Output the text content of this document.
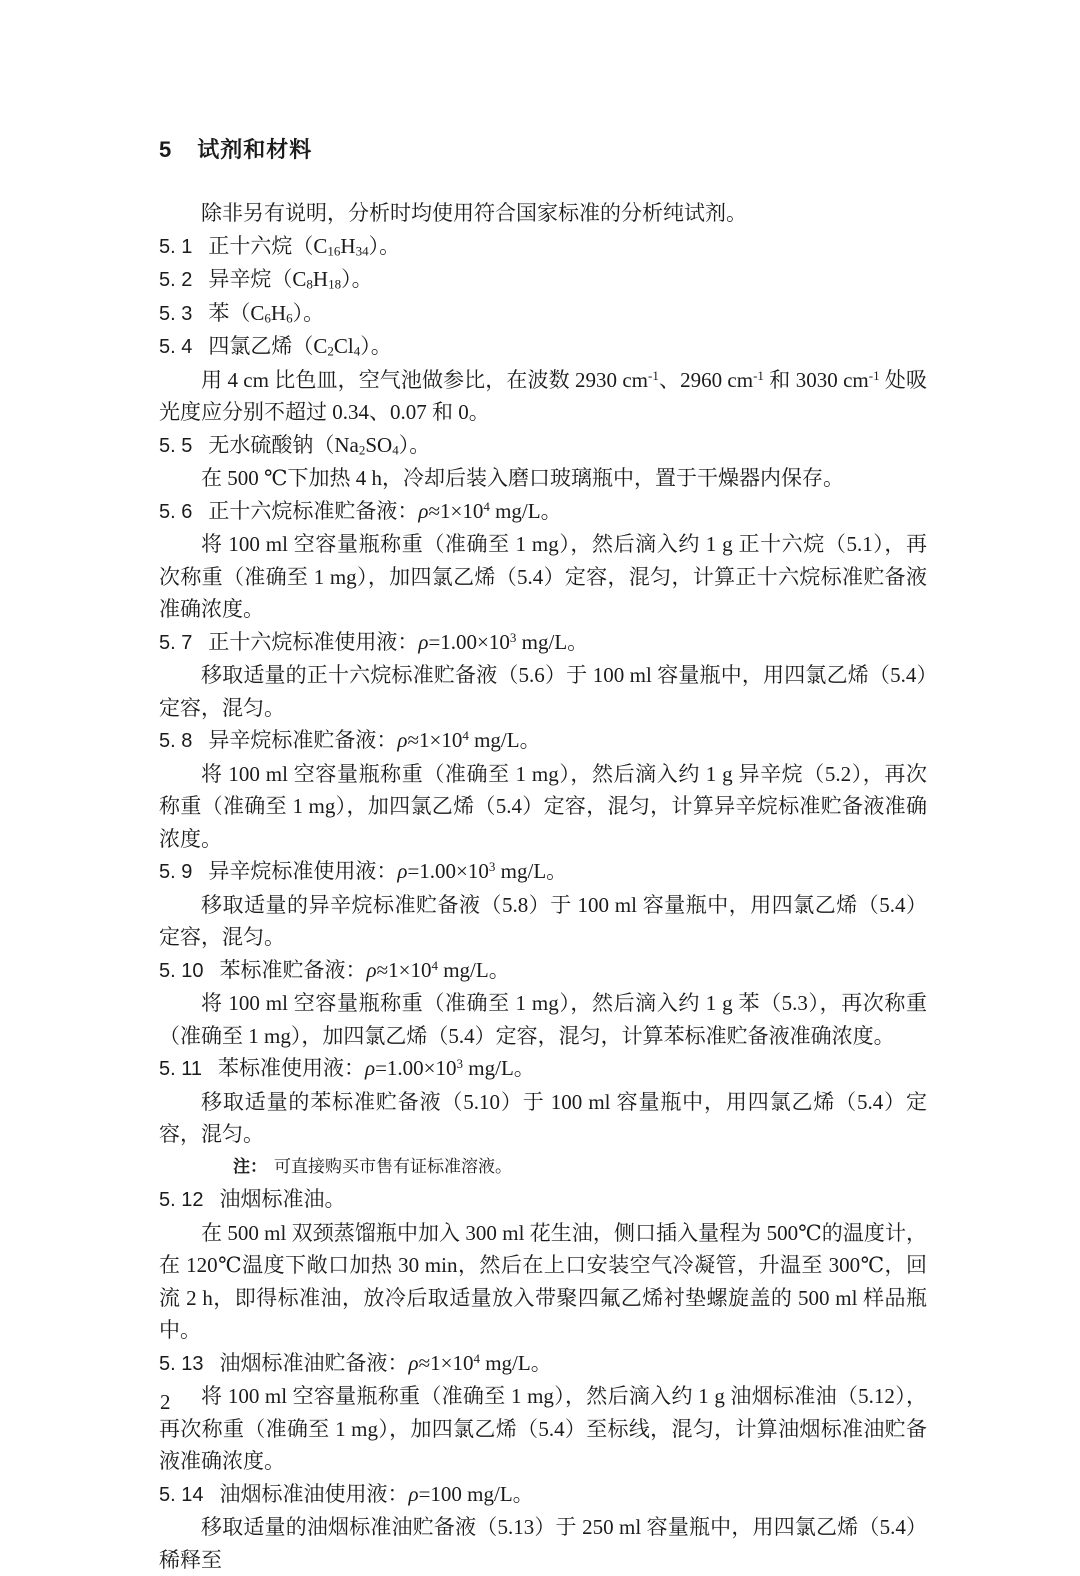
5 试剂和材料

除非另有说明，分析时均使用符合国家标准的分析纯试剂。

5. 1 正十六烷$(C_{16}H_{34})$。

5. 2 异辛烷$(C_8H_{18})$。

5. 3 苯$(C_6H_6)$。

5. 4 四氯乙烯$(C_2Cl_4)$。

用 4 cm 比色皿，空气池做参比，在波数 2930 $cm^{-1}$、2960 $cm^{-1}$ 和 3030 $cm^{-1}$ 处吸光度应分别不超过 0.34、0.07 和 0。

5. 5 无水硫酸钠$(Na_2SO_4)$。

在 500 ℃下加热 4 h，冷却后装入磨口玻璃瓶中，置于干燥器内保存。

5. 6 正十六烷标准贮备液：$\rho\approx 1\times 10^4$ mg/L。

将 100 ml 空容量瓶称重（准确至 1 mg），然后滴入约 1 g 正十六烷（5.1），再次称重（准确至 1 mg），加四氯乙烯（5.4）定容，混匀，计算正十六烷标准贮备液准确浓度。

5. 7 正十六烷标准使用液：$\rho=1.00\times 10^3$ mg/L。

移取适量的正十六烷标准贮备液（5.6）于 100 ml 容量瓶中，用四氯乙烯（5.4）定容，混匀。

5. 8 异辛烷标准贮备液：$\rho\approx 1\times 10^4$ mg/L。

将 100 ml 空容量瓶称重（准确至 1 mg），然后滴入约 1 g 异辛烷（5.2），再次称重（准确至 1 mg），加四氯乙烯（5.4）定容，混匀，计算异辛烷标准贮备液准确浓度。

5. 9 异辛烷标准使用液：$\rho=1.00\times 10^3$ mg/L。

移取适量的异辛烷标准贮备液（5.8）于 100 ml 容量瓶中，用四氯乙烯（5.4）定容，混匀。

5. 10 苯标准贮备液：$\rho\approx 1\times 10^4$ mg/L。

将 100 ml 空容量瓶称重（准确至 1 mg），然后滴入约 1 g 苯（5.3），再次称重（准确至 1 mg），加四氯乙烯（5.4）定容，混匀，计算苯标准贮备液准确浓度。

5. 11 苯标准使用液：$\rho=1.00\times 10^3$ mg/L。

移取适量的苯标准贮备液（5.10）于 100 ml 容量瓶中，用四氯乙烯（5.4）定容，混匀。

注： 可直接购买市售有证标准溶液。

5. 12 油烟标准油。

在 500 ml 双颈蒸馏瓶中加入 300 ml 花生油，侧口插入量程为 500℃的温度计，在 120℃温度下敞口加热 30 min，然后在上口安装空气冷凝管，升温至 300℃，回流 2 h，即得标准油，放冷后取适量放入带聚四氟乙烯衬垫螺旋盖的 500 ml 样品瓶中。

5. 13 油烟标准油贮备液：$\rho\approx 1\times 10^4$ mg/L。

将 100 ml 空容量瓶称重（准确至 1 mg），然后滴入约 1 g 油烟标准油（5.12），再次称重（准确至 1 mg），加四氯乙烯（5.4）至标线，混匀，计算油烟标准油贮备液准确浓度。

5. 14 油烟标准油使用液：ρ=100 mg/L。

移取适量的油烟标准油贮备液（5.13）于 250 ml 容量瓶中，用四氯乙烯（5.4）稀释至

2
